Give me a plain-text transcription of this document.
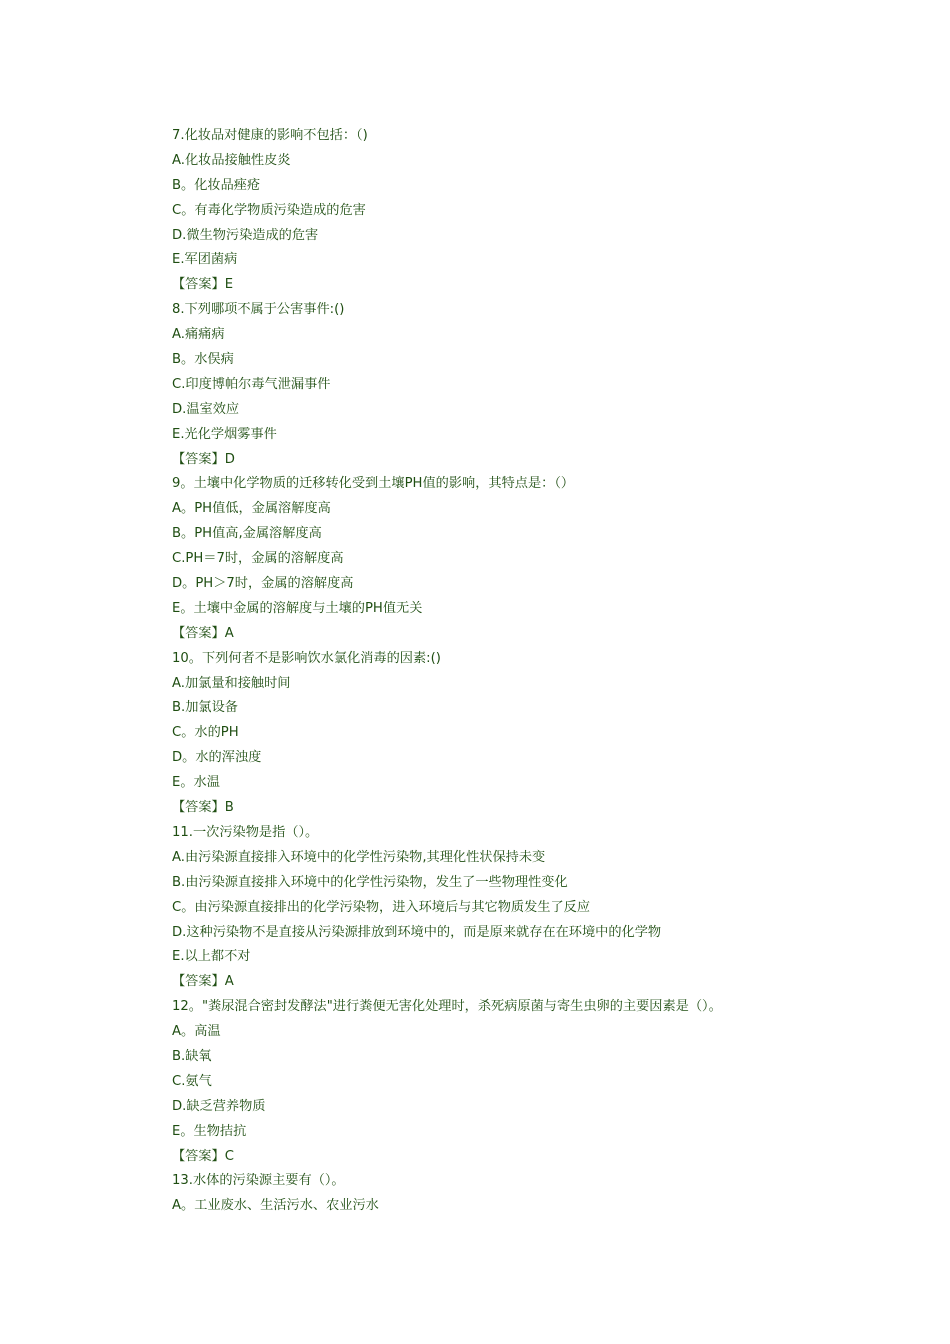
7.化妆品对健康的影响不包括：（)
A.化妆品接触性皮炎
B。化妆品痤疮
C。有毒化学物质污染造成的危害
D.微生物污染造成的危害
E.军团菌病
【答案】E
8.下列哪项不属于公害事件:()
A.痛痛病
B。水俣病
C.印度博帕尔毒气泄漏事件
D.温室效应
E.光化学烟雾事件
【答案】D
9。土壤中化学物质的迁移转化受到土壤PH值的影响，其特点是：（）
A。PH值低，金属溶解度高
B。PH值高,金属溶解度高
C.PH＝7时，金属的溶解度高
D。PH＞7时，金属的溶解度高
E。土壤中金属的溶解度与土壤的PH值无关
【答案】A
10。下列何者不是影响饮水氯化消毒的因素:()
A.加氯量和接触时间
B.加氯设备
C。水的PH
D。水的浑浊度
E。水温
【答案】B
11.一次污染物是指（）。
A.由污染源直接排入环境中的化学性污染物,其理化性状保持未变
B.由污染源直接排入环境中的化学性污染物，发生了一些物理性变化
C。由污染源直接排出的化学污染物，进入环境后与其它物质发生了反应
D.这种污染物不是直接从污染源排放到环境中的，而是原来就存在在环境中的化学物
E.以上都不对
【答案】A
12。"粪尿混合密封发酵法"进行粪便无害化处理时，杀死病原菌与寄生虫卵的主要因素是（）。
A。高温
B.缺氧
C.氨气
D.缺乏营养物质
E。生物拮抗
【答案】C
13.水体的污染源主要有（）。
A。工业废水、生活污水、农业污水
